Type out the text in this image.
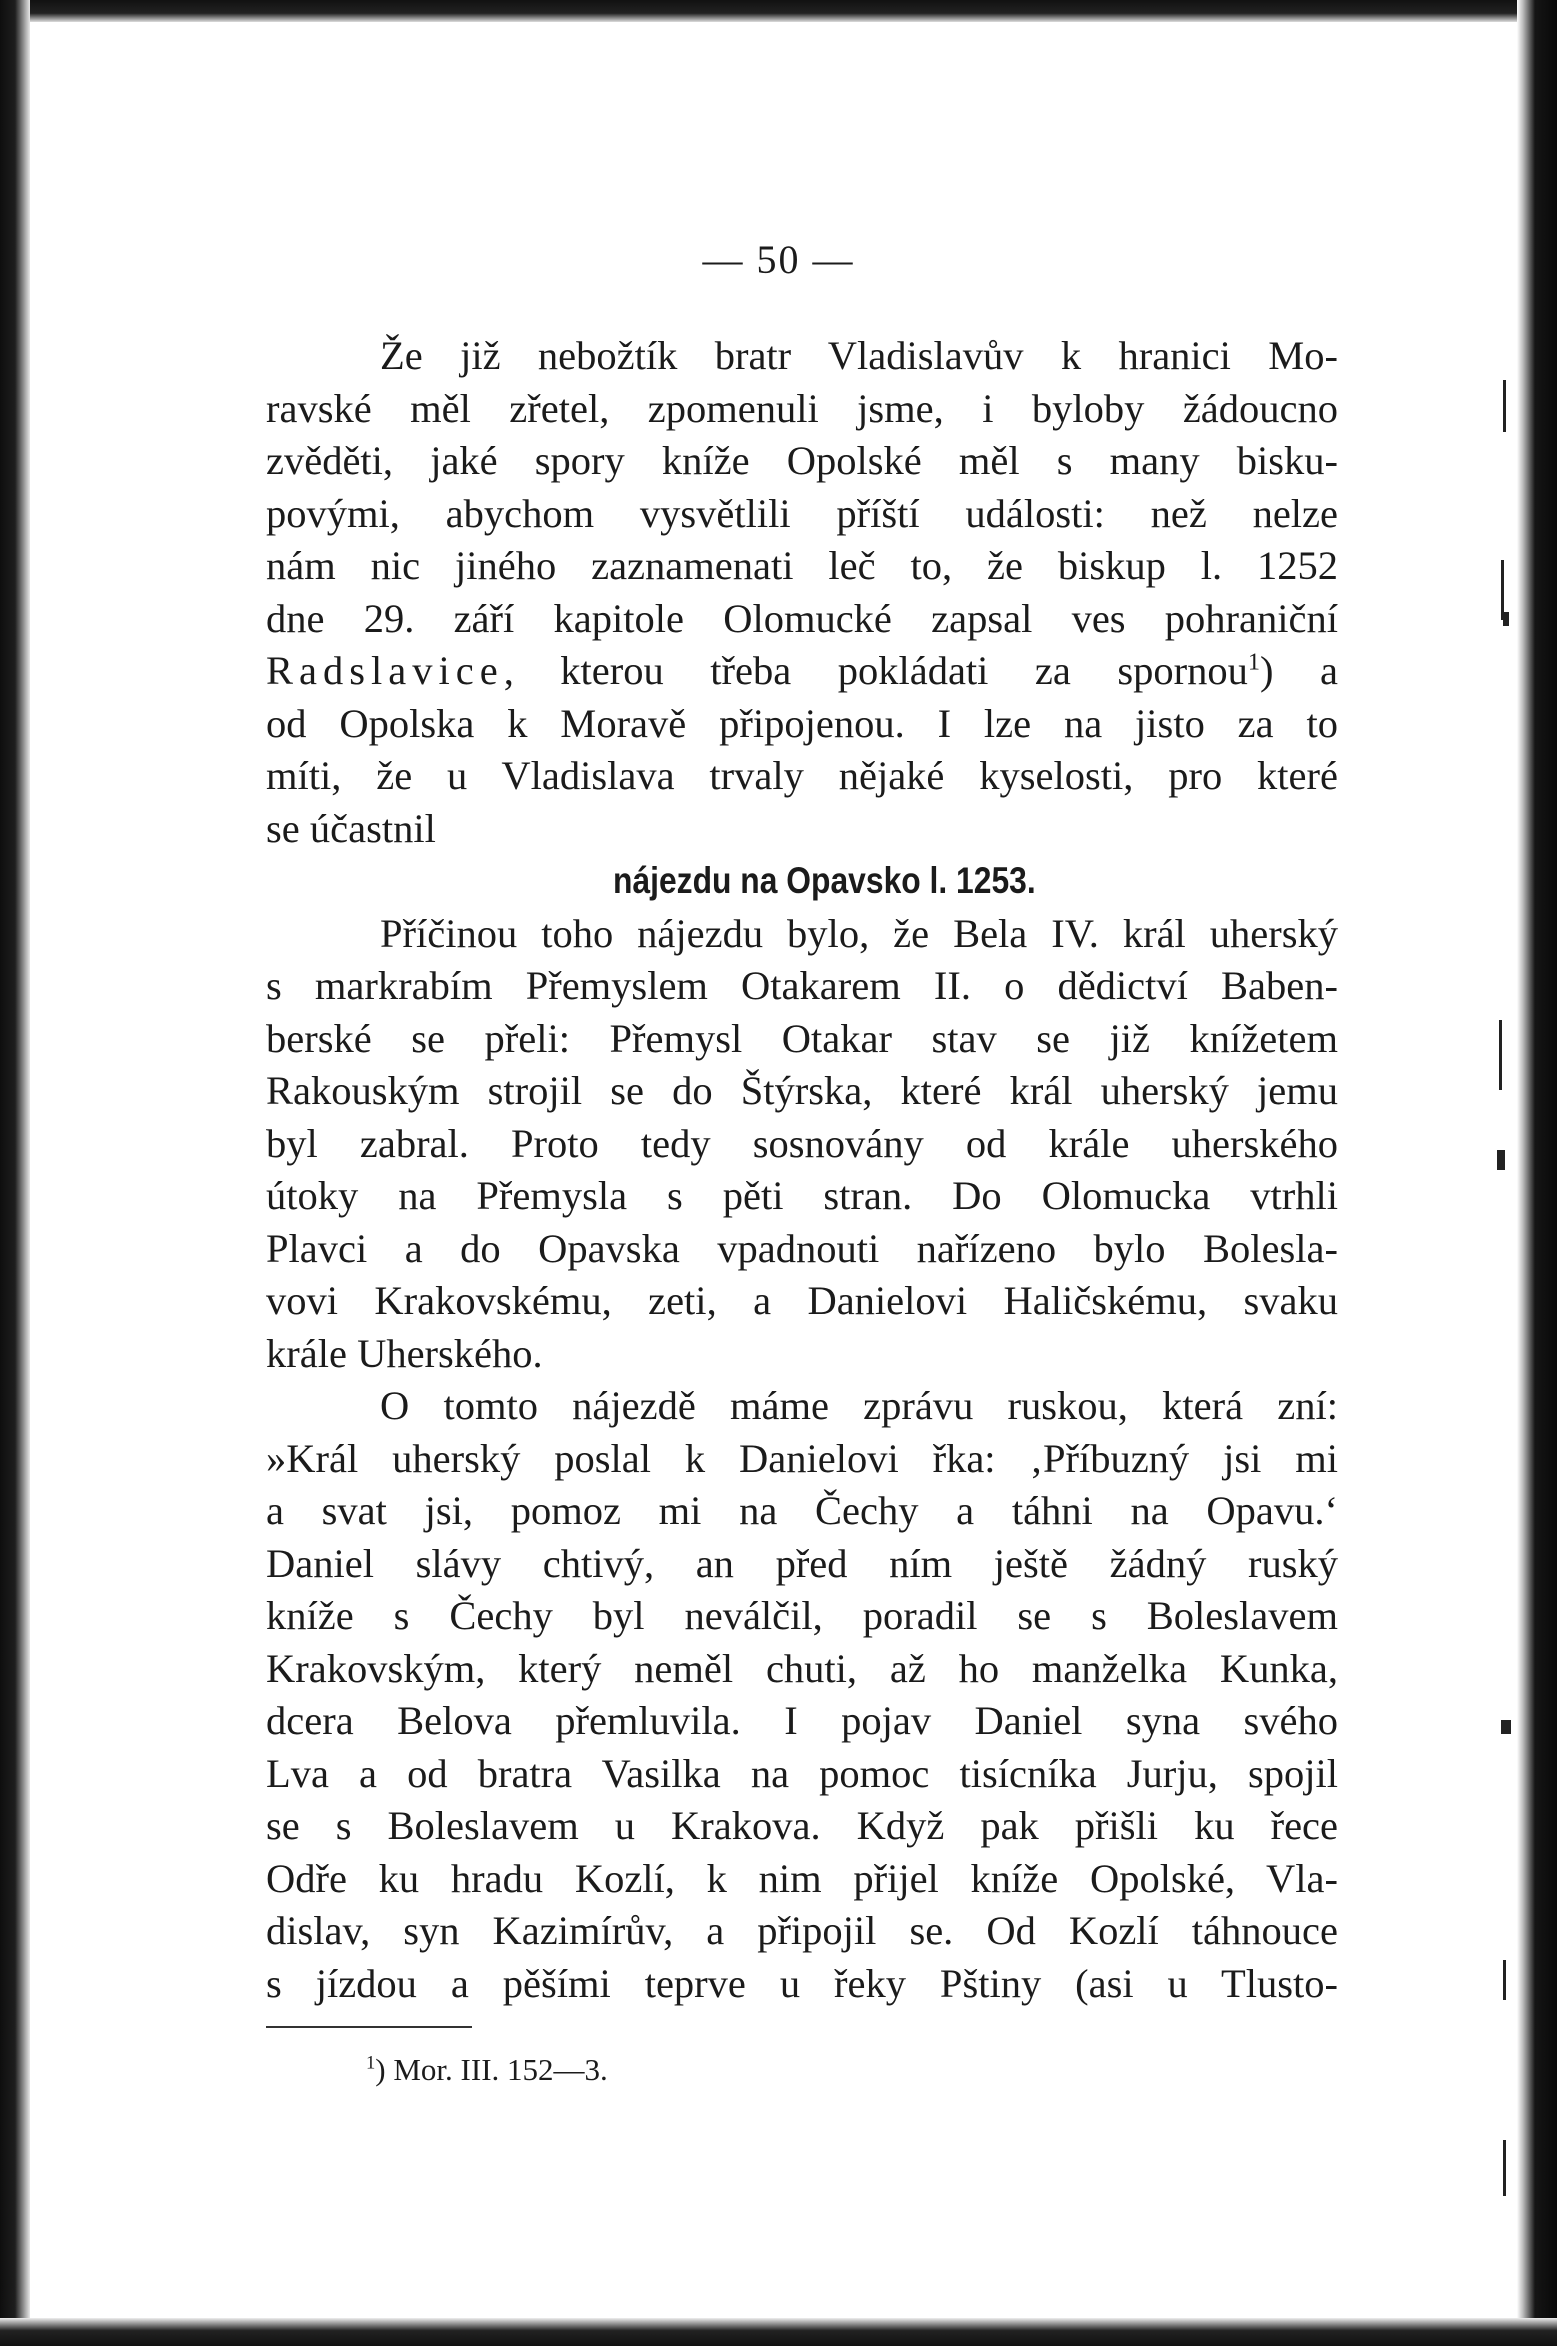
— 50 —
Že již nebožtík bratr Vladislavův k hranici Mo-
ravské měl zřetel, zpomenuli jsme, i byloby žádoucno
zvěděti, jaké spory kníže Opolské měl s many bisku-
povými, abychom vysvětlili příští události: než nelze
nám nic jiného zaznamenati leč to, že biskup l. 1252
dne 29. září kapitole Olomucké zapsal ves pohraniční
Radslavice, kterou třeba pokládati za spornou$^1$) a
od Opolska k Moravě připojenou. I lze na jisto za to
míti, že u Vladislava trvaly nějaké kyselosti, pro které
se účastnil
nájezdu na Opavsko l. 1253.
Příčinou toho nájezdu bylo, že Bela IV. král uherský
s markrabím Přemyslem Otakarem II. o dědictví Baben-
berské se přeli: Přemysl Otakar stav se již knížetem
Rakouským strojil se do Štýrska, které král uherský jemu
byl zabral. Proto tedy sosnovány od krále uherského
útoky na Přemysla s pěti stran. Do Olomucka vtrhli
Plavci a do Opavska vpadnouti nařízeno bylo Bolesla-
vovi Krakovskému, zeti, a Danielovi Haličskému, svaku
krále Uherského.
O tomto nájezdě máme zprávu ruskou, která zní:
»Král uherský poslal k Danielovi řka: ‚Příbuzný jsi mi
a svat jsi, pomoz mi na Čechy a táhni na Opavu.‘
Daniel slávy chtivý, an před ním ještě žádný ruský
kníže s Čechy byl neválčil, poradil se s Boleslavem
Krakovským, který neměl chuti, až ho manželka Kunka,
dcera Belova přemluvila. I pojav Daniel syna svého
Lva a od bratra Vasilka na pomoc tisícníka Jurju, spojil
se s Boleslavem u Krakova. Když pak přišli ku řece
Odře ku hradu Kozlí, k nim přijel kníže Opolské, Vla-
dislav, syn Kazimírův, a připojil se. Od Kozlí táhnouce
s jízdou a pěšími teprve u řeky Pštiny (asi u Tlusto-
$^1$) Mor. III. 152—3.
